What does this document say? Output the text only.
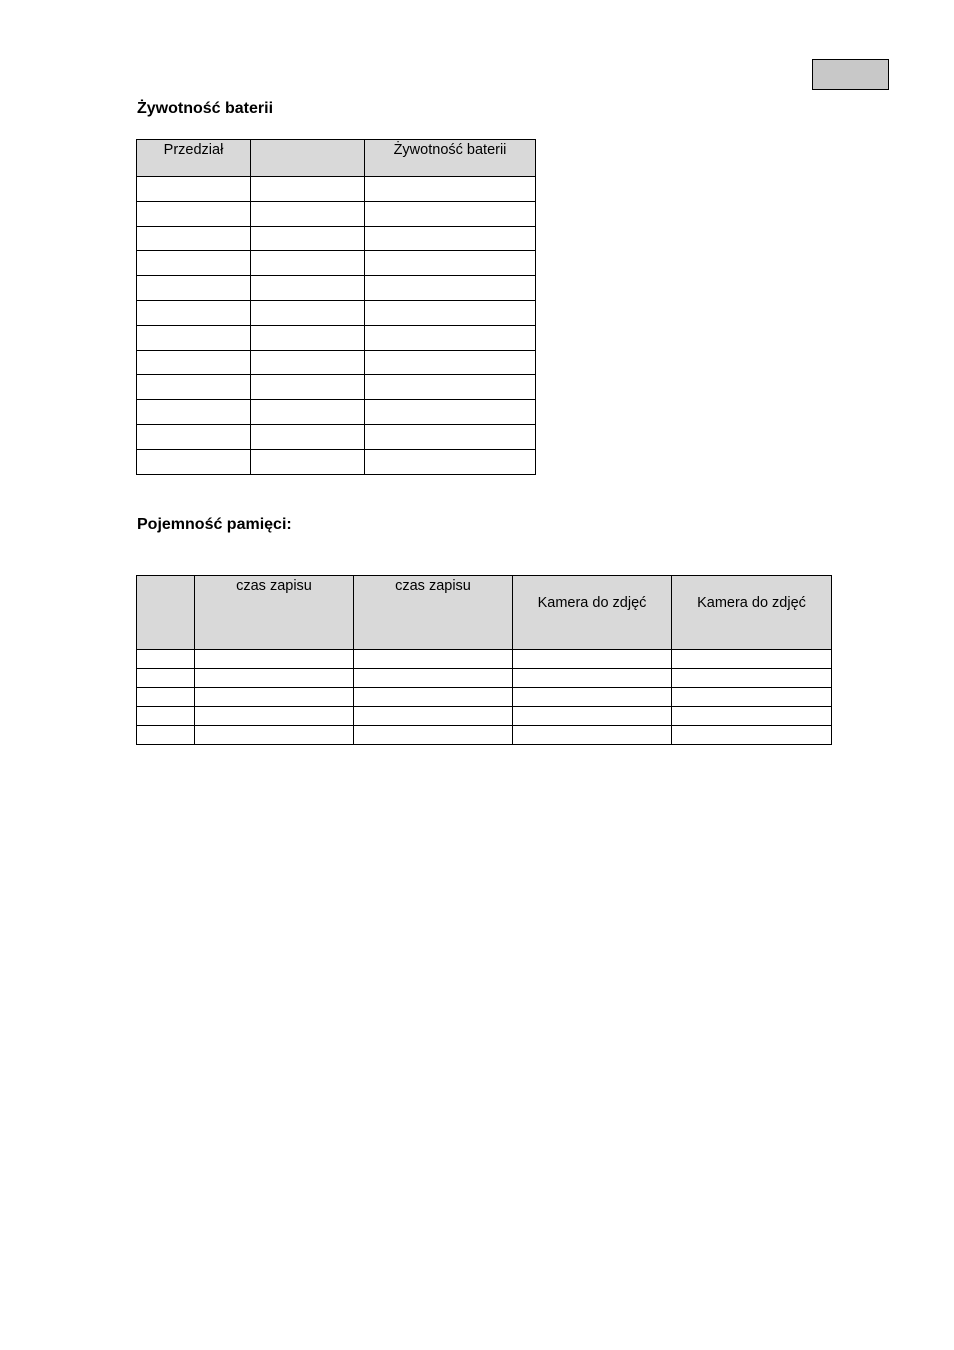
Żywotność baterii
Przedział		Żywotność baterii

Pojemność pamięci:
	czas zapisu	czas zapisu	Kamera do zdjęć	Kamera do zdjęć
